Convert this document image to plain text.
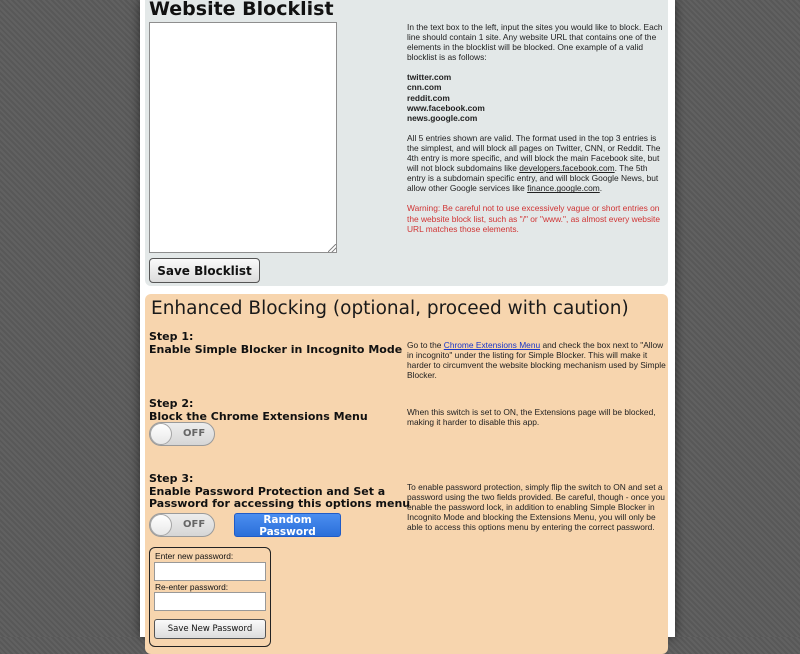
Website Blocklist
Save Blocklist

In the text box to the left, input the sites you would like to block. Each line should contain 1 site. Any website URL that contains one of the elements in the blocklist will be blocked. One example of a valid blocklist is as follows:

twitter.com
cnn.com
reddit.com
www.facebook.com
news.google.com

All 5 entries shown are valid. The format used in the top 3 entries is the simplest, and will block all pages on Twitter, CNN, or Reddit. The 4th entry is more specific, and will block the main Facebook site, but will not block subdomains like developers.facebook.com. The 5th entry is a subdomain specific entry, and will block Google News, but allow other Google services like finance.google.com.

Warning: Be careful not to use excessively vague or short entries on the website block list, such as "/" or "www.", as almost every website URL matches those elements.

Enhanced Blocking (optional, proceed with caution)
Step 1:
Enable Simple Blocker in Incognito Mode Go to the Chrome Extensions Menu and check the box next to "Allow in incognito" under the listing for Simple Blocker. This will make it harder to circumvent the website blocking mechanism used by Simple Blocker.
Step 2:
Block the Chrome Extensions Menu
OFF
When this switch is set to ON, the Extensions page will be blocked, making it harder to disable this app.
Step 3:
Enable Password Protection and Set a
Password for accessing this options menu
OFF	Random Password
To enable password protection, simply flip the switch to ON and set a password using the two fields provided. Be careful, though - once you enable the password lock, in addition to enabling Simple Blocker in Incognito Mode and blocking the Extensions Menu, you will only be able to access this options menu by entering the correct password.
Enter new password:
Re-enter password:
Save New Password
